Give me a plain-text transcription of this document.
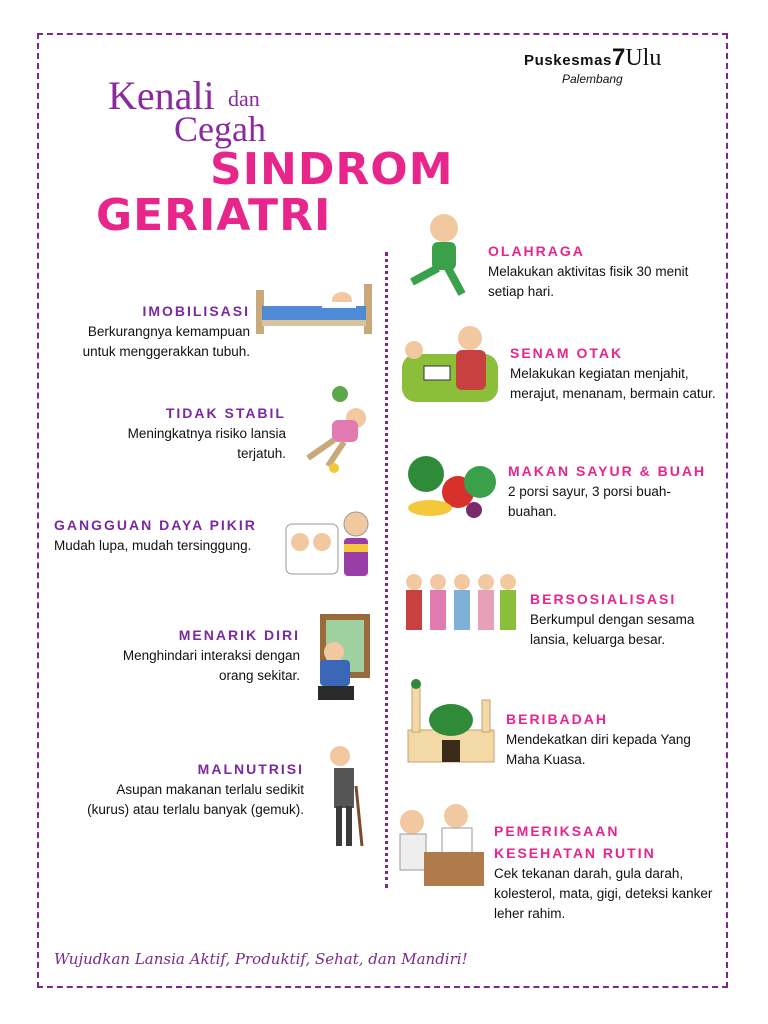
Puskesmas7Ulu
Palembang
Kenali dan
Cegah
SINDROM
GERIATRI
IMOBILISASI
Berkurangnya kemampuan untuk menggerakkan tubuh.
TIDAK STABIL
Meningkatnya risiko lansia terjatuh.
GANGGUAN DAYA PIKIR
Mudah lupa, mudah tersinggung.
MENARIK DIRI
Menghindari interaksi dengan orang sekitar.
MALNUTRISI
Asupan makanan terlalu sedikit (kurus) atau terlalu banyak (gemuk).
OLAHRAGA
Melakukan aktivitas fisik 30 menit setiap hari.
SENAM OTAK
Melakukan kegiatan menjahit, merajut, menanam, bermain catur.
MAKAN SAYUR & BUAH
2 porsi sayur, 3 porsi buah-buahan.
BERSOSIALISASI
Berkumpul dengan sesama lansia, keluarga besar.
BERIBADAH
Mendekatkan diri kepada Yang Maha Kuasa.
PEMERIKSAAN KESEHATAN RUTIN
Cek tekanan darah, gula darah, kolesterol, mata, gigi, deteksi kanker leher rahim.
Wujudkan Lansia Aktif, Produktif, Sehat, dan Mandiri!
